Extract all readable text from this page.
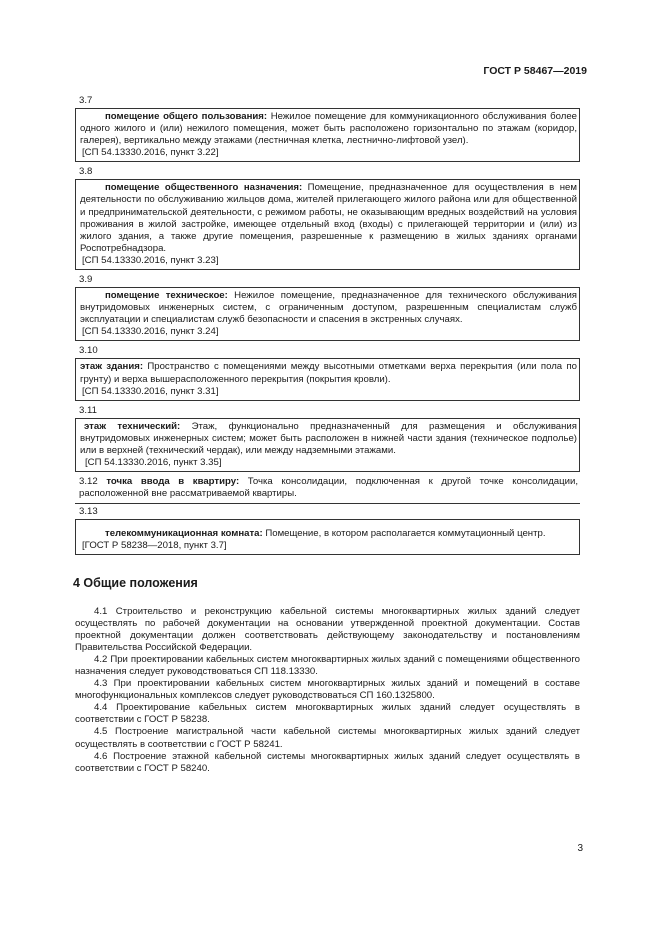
ГОСТ Р 58467—2019
3.7

помещение общего пользования: Нежилое помещение для коммуникационного обслуживания более одного жилого и (или) нежилого помещения, может быть расположено горизонтально по этажам (коридор, галерея), вертикально между этажами (лестничная клетка, лестнично-лифтовой узел).

[СП 54.13330.2016, пункт 3.22]

3.8

помещение общественного назначения: Помещение, предназначенное для осуществления в нем деятельности по обслуживанию жильцов дома, жителей прилегающего жилого района или для общественной и предпринимательской деятельности, с режимом работы, не оказывающим вредных воздействий на условия проживания в жилой застройке, имеющее отдельный вход (входы) с прилегающей территории и (или) из жилого здания, а также другие помещения, разрешенные к размещению в жилых зданиях органами Роспотребнадзора.

[СП 54.13330.2016, пункт 3.23]

3.9

помещение техническое: Нежилое помещение, предназначенное для технического обслуживания внутридомовых инженерных систем, с ограниченным доступом, разрешенным специалистам служб эксплуатации и специалистам служб безопасности и спасения в экстренных случаях.

[СП 54.13330.2016, пункт 3.24]

3.10

этаж здания: Пространство с помещениями между высотными отметками верха перекрытия (или пола по грунту) и верха вышерасположенного перекрытия (покрытия кровли).

[СП 54.13330.2016, пункт 3.31]

3.11

этаж технический: Этаж, функционально предназначенный для размещения и обслуживания внутридомовых инженерных систем; может быть расположен в нижней части здания (техническое подполье) или в верхней (технический чердак), или между надземными этажами.

[СП 54.13330.2016, пункт 3.35]

3.12 точка ввода в квартиру: Точка консолидации, подключенная к другой точке консолидации, расположенной вне рассматриваемой квартиры.

3.13

телекоммуникационная комната: Помещение, в котором располагается коммутационный центр.

[ГОСТ Р 58238—2018, пункт 3.7]

4 Общие положения

4.1 Строительство и реконструкцию кабельной системы многоквартирных жилых зданий следует осуществлять по рабочей документации на основании утвержденной проектной документации. Состав проектной документации должен соответствовать действующему законодательству и постановлениям Правительства Российской Федерации.

4.2 При проектировании кабельных систем многоквартирных жилых зданий с помещениями общественного назначения следует руководствоваться СП 118.13330.

4.3 При проектировании кабельных систем многоквартирных жилых зданий и помещений в составе многофункциональных комплексов следует руководствоваться СП 160.1325800.

4.4 Проектирование кабельных систем многоквартирных жилых зданий следует осуществлять в соответствии с ГОСТ Р 58238.

4.5 Построение магистральной части кабельной системы многоквартирных жилых зданий следует осуществлять в соответствии с ГОСТ Р 58241.

4.6 Построение этажной кабельной системы многоквартирных жилых зданий следует осуществлять в соответствии с ГОСТ Р 58240.

3
